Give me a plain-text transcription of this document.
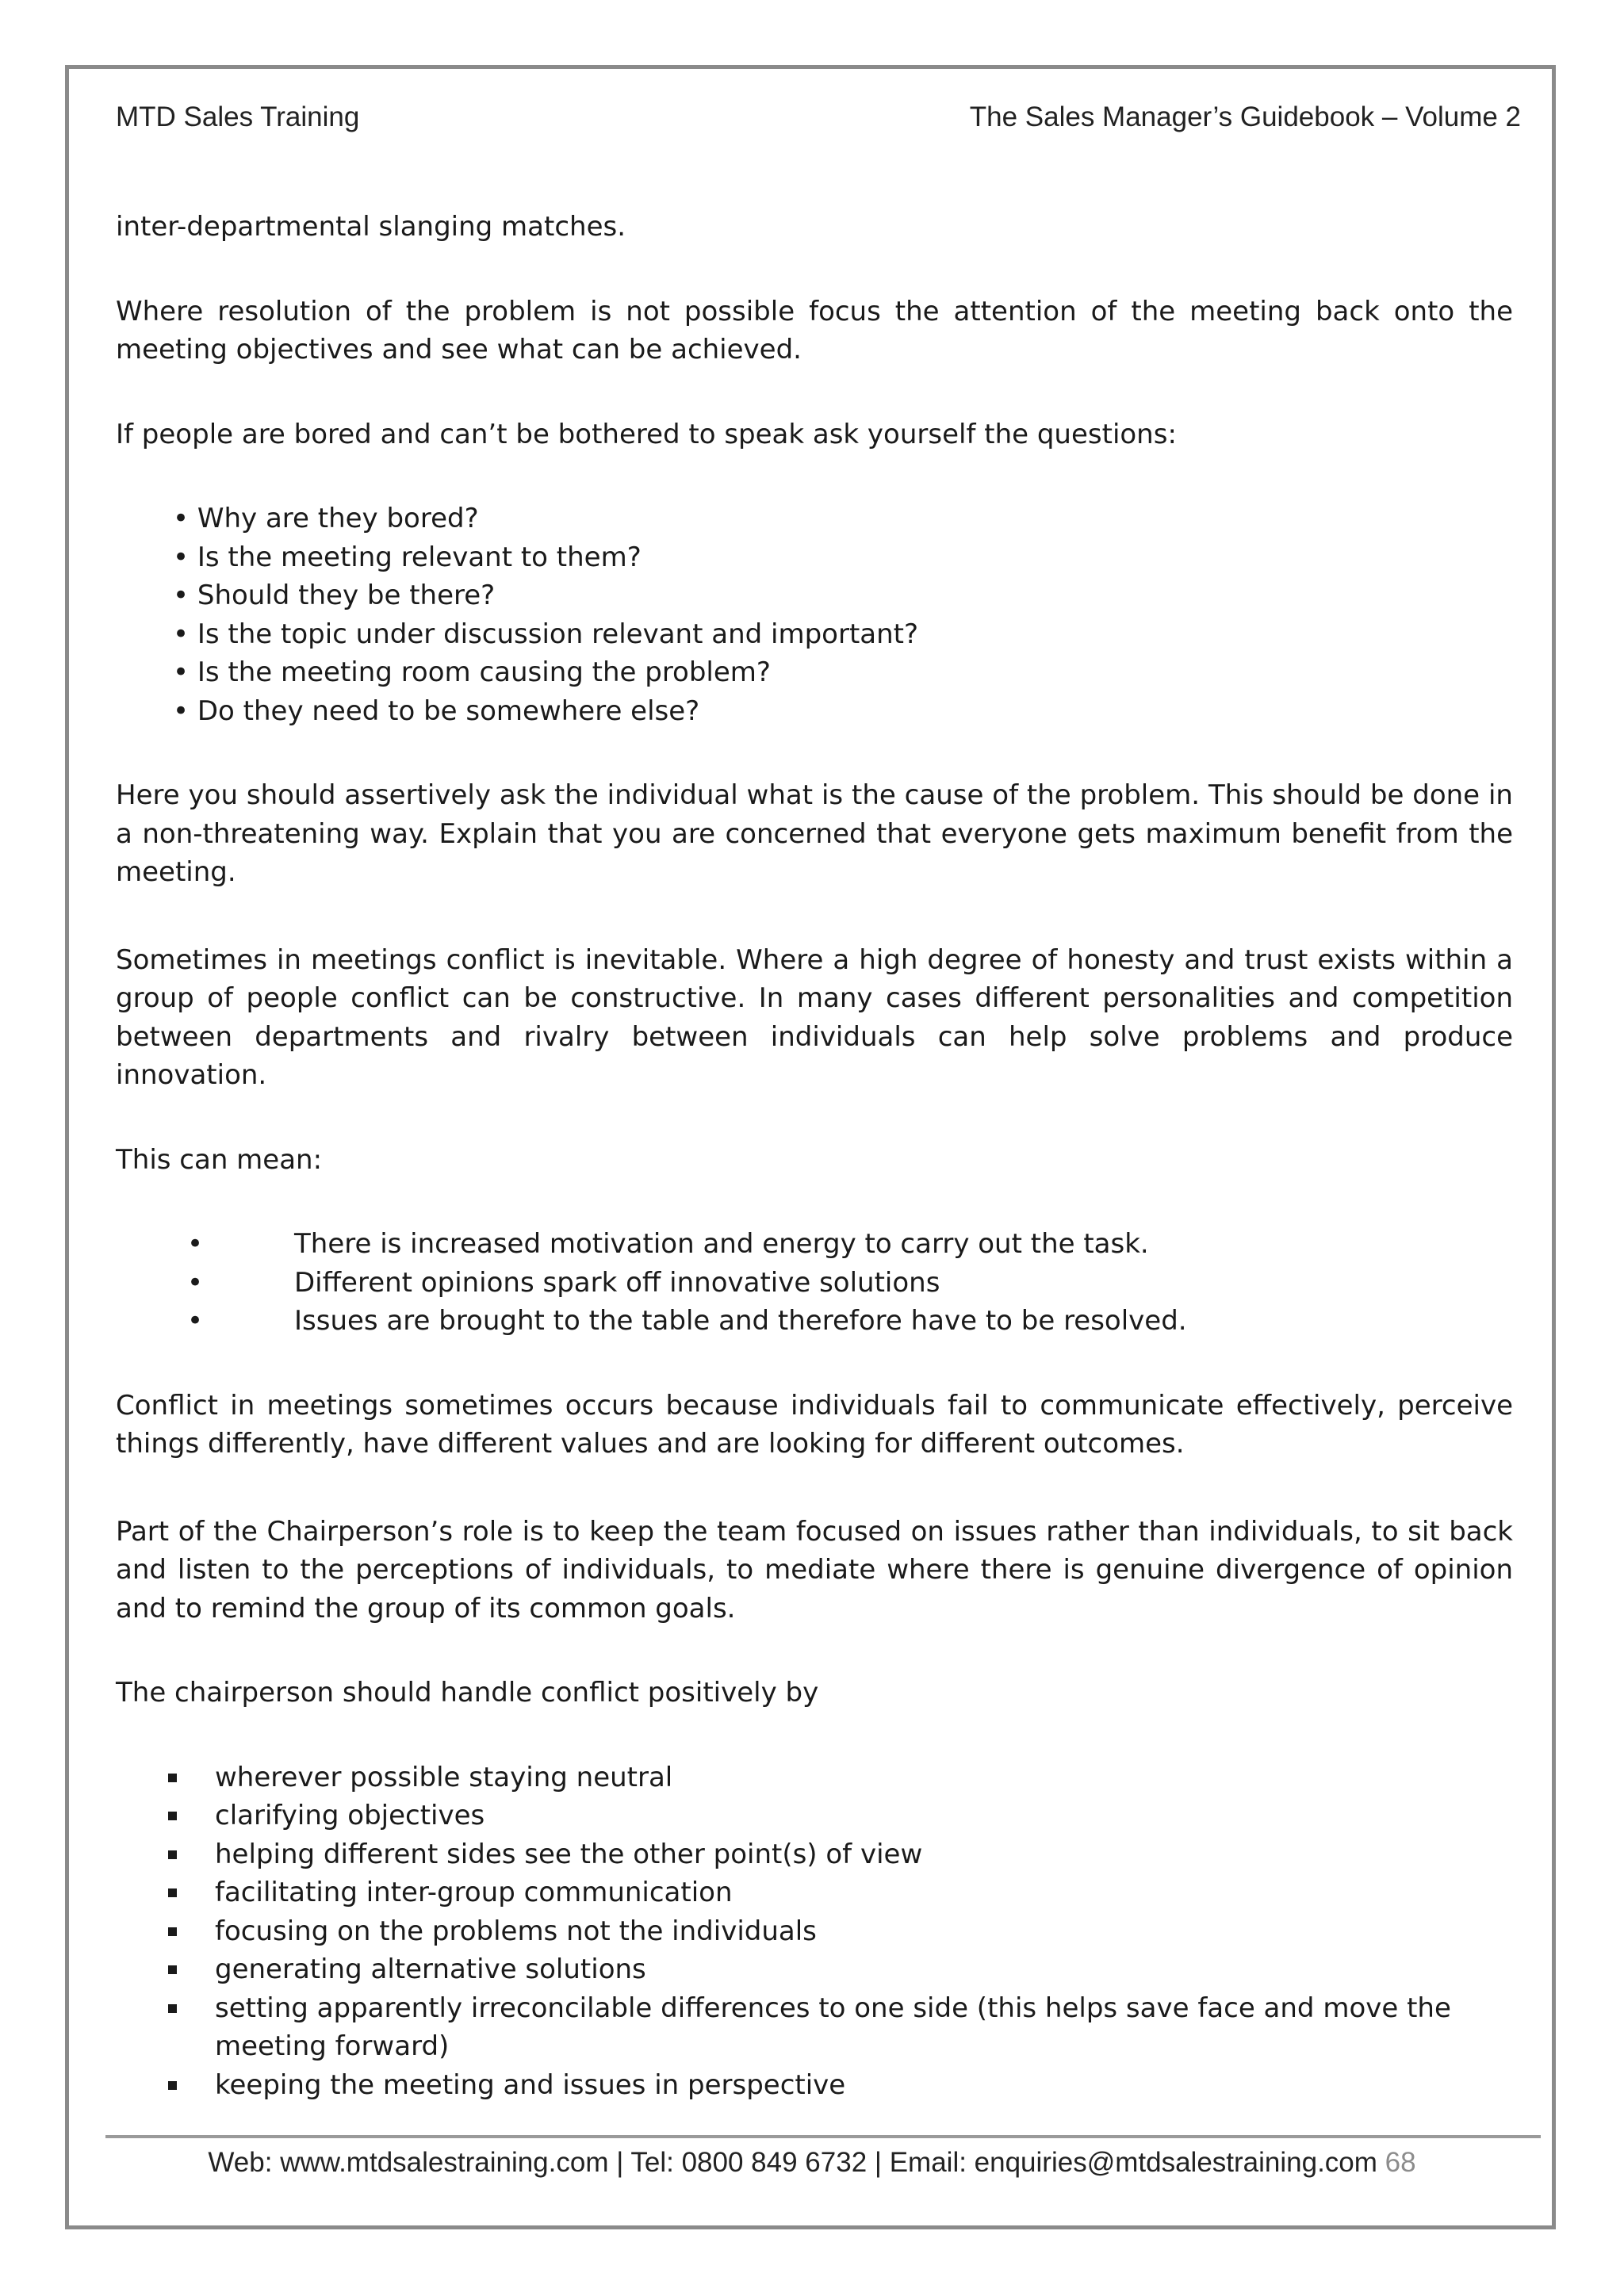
MTD Sales Training	The Sales Manager’s Guidebook – Volume 2

inter-departmental slanging matches.

Where resolution of the problem is not possible focus the attention of the meeting back onto the meeting objectives and see what can be achieved.

If people are bored and can’t be bothered to speak ask yourself the questions:

• Why are they bored?
• Is the meeting relevant to them?
• Should they be there?
• Is the topic under discussion relevant and important?
• Is the meeting room causing the problem?
• Do they need to be somewhere else?

Here you should assertively ask the individual what is the cause of the problem. This should be done in a non-threatening way. Explain that you are concerned that everyone gets maximum benefit from the meeting.

Sometimes in meetings conflict is inevitable. Where a high degree of honesty and trust exists within a group of people conflict can be constructive. In many cases different personalities and competition between departments and rivalry between individuals can help solve problems and produce innovation.

This can mean:

•	There is increased motivation and energy to carry out the task.
•	Different opinions spark off innovative solutions
•	Issues are brought to the table and therefore have to be resolved.

Conflict in meetings sometimes occurs because individuals fail to communicate effectively, perceive things differently, have different values and are looking for different outcomes.

Part of the Chairperson’s role is to keep the team focused on issues rather than individuals, to sit back and listen to the perceptions of individuals, to mediate where there is genuine divergence of opinion and to remind the group of its common goals.

The chairperson should handle conflict positively by

wherever possible staying neutral
clarifying objectives
helping different sides see the other point(s) of view
facilitating inter-group communication
focusing on the problems not the individuals
generating alternative solutions
setting apparently irreconcilable differences to one side (this helps save face and move the meeting forward)
keeping the meeting and issues in perspective
Web: www.mtdsalestraining.com | Tel: 0800 849 6732 | Email: enquiries@mtdsalestraining.com 68
